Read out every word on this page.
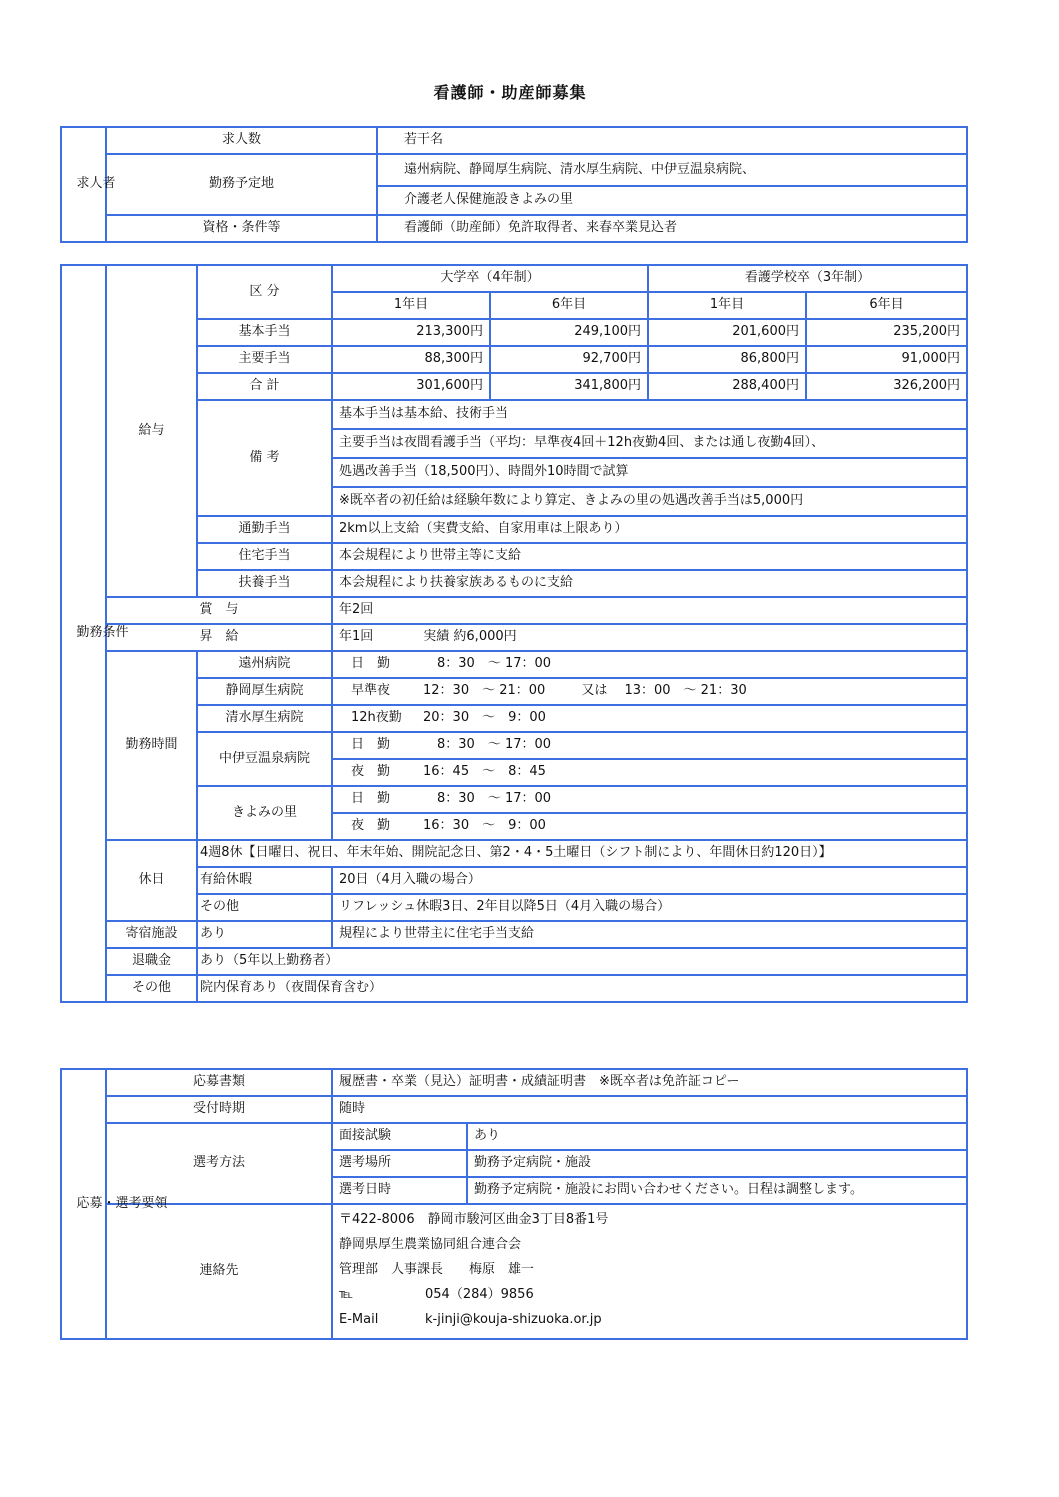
看護師・助産師募集
求人者	求人数	若干名
	勤務予定地	遠州病院、静岡厚生病院、清水厚生病院、中伊豆温泉病院、
		介護老人保健施設きよみの里
	資格・条件等	看護師（助産師）免許取得者、来春卒業見込者
勤務条件	給与	区 分	大学卒（4年制）		看護学校卒（3年制）	
			1年目	6年目	1年目	6年目
		基本手当	213,300円	249,100円	201,600円	235,200円
		主要手当	88,300円	92,700円	86,800円	91,000円
		合 計	301,600円	341,800円	288,400円	326,200円
		備 考	基本手当は基本給、技術手当			
			主要手当は夜間看護手当（平均：早準夜4回＋12h夜勤4回、または通し夜勤4回）、			
			処遇改善手当（18,500円）、時間外10時間で試算			
			※既卒者の初任給は経験年数により算定、きよみの里の処遇改善手当は5,000円			
		通勤手当	2km以上支給（実費支給、自家用車は上限あり）			
		住宅手当	本会規程により世帯主等に支給			
		扶養手当	本会規程により扶養家族あるものに支給			
	賞　与		年2回			
	昇　給		年1回 実績 約6,000円			
	勤務時間	遠州病院	日　勤 8：30　～ 17：00			
		静岡厚生病院	早準夜 12：30　～ 21：00 又は　 13：00　～ 21：30			
		清水厚生病院	12h夜勤 20：30　～　9：00			
		中伊豆温泉病院	日　勤 8：30　～ 17：00			
			夜　勤 16：45　～　8：45			
		きよみの里	日　勤 8：30　～ 17：00			
			夜　勤 16：30　～　9：00			
	休日	4週8休【日曜日、祝日、年末年始、開院記念日、第2・4・5土曜日（シフト制により、年間休日約120日）】				
		有給休暇	20日（4月入職の場合）			
		その他	リフレッシュ休暇3日、2年目以降5日（4月入職の場合）			
	寄宿施設	あり	規程により世帯主に住宅手当支給			
	退職金	あり（5年以上勤務者）				
	その他	院内保育あり（夜間保育含む）				
応募・選考要領	応募書類	履歴書・卒業（見込）証明書・成績証明書　※既卒者は免許証コピー	
	受付時期	随時	
	選考方法	面接試験	あり
		選考場所	勤務予定病院・施設
		選考日時	勤務予定病院・施設にお問い合わせください。日程は調整します。
	連絡先	〒422-8006　静岡市駿河区曲金3丁目8番1号
静岡県厚生農業協同組合連合会
管理部　人事課長　　梅原　雄一
℡ 054（284）9856
E-Mail k-jinji@kouja-shizuoka.or.jp	
